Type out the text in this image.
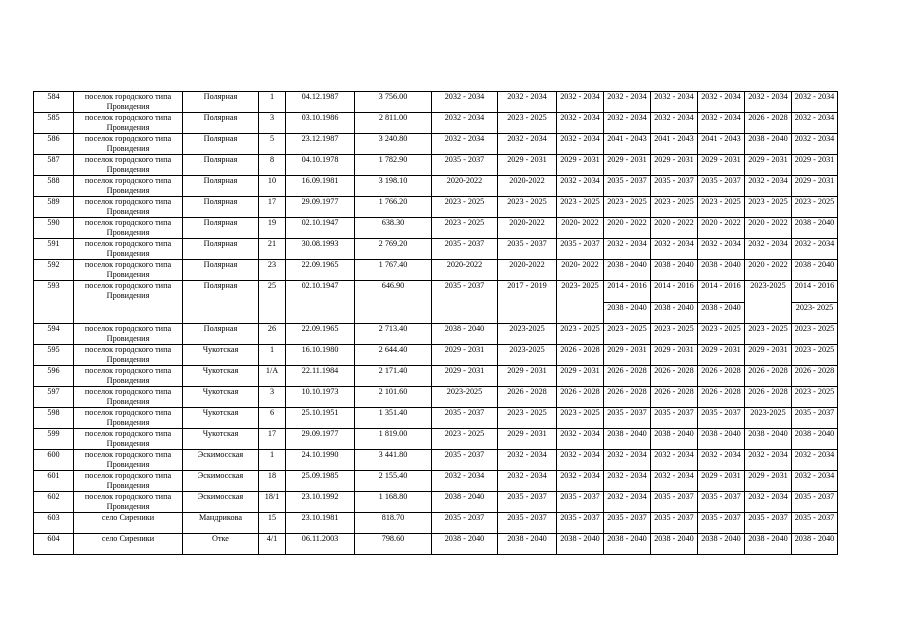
584	поселок городского типа Провидения	Полярная	1	04.12.1987	3 756.00	2032 - 2034	2032 - 2034	2032 - 2034	2032 - 2034	2032 - 2034	2032 - 2034	2032 - 2034	2032 - 2034
585	поселок городского типа Провидения	Полярная	3	03.10.1986	2 811.00	2032 - 2034	2023 - 2025	2032 - 2034	2032 - 2034	2032 - 2034	2032 - 2034	2026 - 2028	2032 - 2034
586	поселок городского типа Провидения	Полярная	5	23.12.1987	3 240.80	2032 - 2034	2032 - 2034	2032 - 2034	2041 - 2043	2041 - 2043	2041 - 2043	2038 - 2040	2032 - 2034
587	поселок городского типа Провидения	Полярная	8	04.10.1978	1 782.90	2035 - 2037	2029 - 2031	2029 - 2031	2029 - 2031	2029 - 2031	2029 - 2031	2029 - 2031	2029 - 2031
588	поселок городского типа Провидения	Полярная	10	16.09.1981	3 198.10	2020-2022	2020-2022	2032 - 2034	2035 - 2037	2035 - 2037	2035 - 2037	2032 - 2034	2029 - 2031
589	поселок городского типа Провидения	Полярная	17	29.09.1977	1 766.20	2023 - 2025	2023 - 2025	2023 - 2025	2023 - 2025	2023 - 2025	2023 - 2025	2023 - 2025	2023 - 2025
590	поселок городского типа Провидения	Полярная	19	02.10.1947	638.30	2023 - 2025	2020-2022	2020- 2022	2020 - 2022	2020 - 2022	2020 - 2022	2020 - 2022	2038 - 2040
591	поселок городского типа Провидения	Полярная	21	30.08.1993	2 769.20	2035 - 2037	2035 - 2037	2035 - 2037	2032 - 2034	2032 - 2034	2032 - 2034	2032 - 2034	2032 - 2034
592	поселок городского типа Провидения	Полярная	23	22.09.1965	1 767.40	2020-2022	2020-2022	2020- 2022	2038 - 2040	2038 - 2040	2038 - 2040	2020 - 2022	2038 - 2040
593	поселок городского типа Провидения	Полярная	25	02.10.1947	646.90	2035 - 2037	2017 - 2019	2023- 2025	2014 - 2016	2014 - 2016	2014 - 2016	2023-2025	2014 - 2016
									2038 - 2040	2038 - 2040	2038 - 2040		2023- 2025
594	поселок городского типа Провидения	Полярная	26	22.09.1965	2 713.40	2038 - 2040	2023-2025	2023 - 2025	2023 - 2025	2023 - 2025	2023 - 2025	2023 - 2025	2023 - 2025
595	поселок городского типа Провидения	Чукотская	1	16.10.1980	2 644.40	2029 - 2031	2023-2025	2026 - 2028	2029 - 2031	2029 - 2031	2029 - 2031	2029 - 2031	2023 - 2025
596	поселок городского типа Провидения	Чукотская	1/А	22.11.1984	2 171.40	2029 - 2031	2029 - 2031	2029 - 2031	2026 - 2028	2026 - 2028	2026 - 2028	2026 - 2028	2026 - 2028
597	поселок городского типа Провидения	Чукотская	3	10.10.1973	2 101.60	2023-2025	2026 - 2028	2026 - 2028	2026 - 2028	2026 - 2028	2026 - 2028	2026 - 2028	2023 - 2025
598	поселок городского типа Провидения	Чукотская	6	25.10.1951	1 351.40	2035 - 2037	2023 - 2025	2023 - 2025	2035 - 2037	2035 - 2037	2035 - 2037	2023-2025	2035 - 2037
599	поселок городского типа Провидения	Чукотская	17	29.09.1977	1 819.00	2023 - 2025	2029 - 2031	2032 - 2034	2038 - 2040	2038 - 2040	2038 - 2040	2038 - 2040	2038 - 2040
600	поселок городского типа Провидения	Эскимосская	1	24.10.1990	3 441.80	2035 - 2037	2032 - 2034	2032 - 2034	2032 - 2034	2032 - 2034	2032 - 2034	2032 - 2034	2032 - 2034
601	поселок городского типа Провидения	Эскимосская	18	25.09.1985	2 155.40	2032 - 2034	2032 - 2034	2032 - 2034	2032 - 2034	2032 - 2034	2029 - 2031	2029 - 2031	2032 - 2034
602	поселок городского типа Провидения	Эскимосская	18/1	23.10.1992	1 168.80	2038 - 2040	2035 - 2037	2035 - 2037	2032 - 2034	2035 - 2037	2035 - 2037	2032 - 2034	2035 - 2037
603	село Сиреники	Мандрикова	15	23.10.1981	818.70	2035 - 2037	2035 - 2037	2035 - 2037	2035 - 2037	2035 - 2037	2035 - 2037	2035 - 2037	2035 - 2037
604	село Сиреники	Отке	4/1	06.11.2003	798.60	2038 - 2040	2038 - 2040	2038 - 2040	2038 - 2040	2038 - 2040	2038 - 2040	2038 - 2040	2038 - 2040
